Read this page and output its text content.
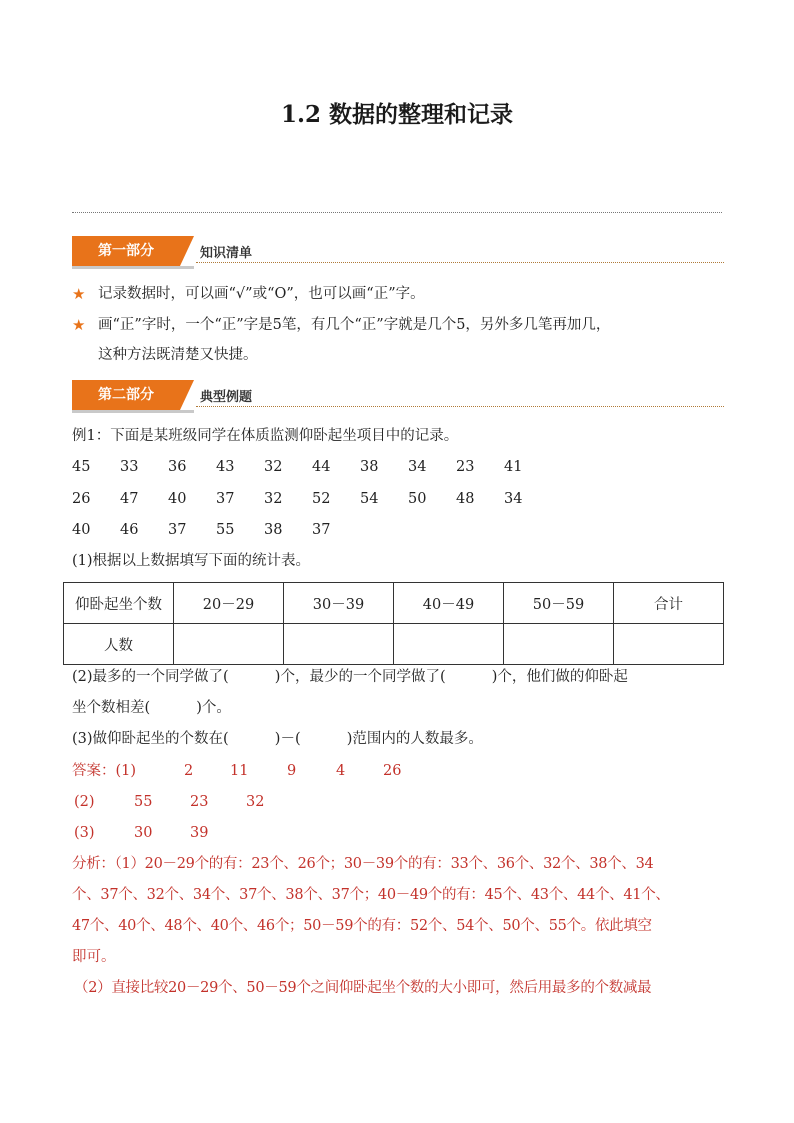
1.2 数据的整理和记录
第一部分	知识清单
★ 记录数据时，可以画“√”或“O”，也可以画“正”字。
★ 画“正”字时，一个“正”字是5笔，有几个“正”字就是几个5，另外多几笔再加几，
这种方法既清楚又快捷。
第二部分	典型例题
例1：下面是某班级同学在体质监测仰卧起坐项目中的记录。
45 33 36 43 32 44 38 34 23 41
26 47 40 37 32 52 54 50 48 34
40 46 37 55 38 37
(1)根据以上数据填写下面的统计表。
仰卧起坐个数	20－29	30－39	40－49	50－59	合计
人数					
(2)最多的一个同学做了(          )个，最少的一个同学做了(          )个，他们做的仰卧起
坐个数相差(          )个。
(3)做仰卧起坐的个数在(          )－(          )范围内的人数最多。
答案：(1)	2	11	9	4	26
(2)	55	23	32
(3)	30	39
分析：（1）20－29个的有：23个、26个；30－39个的有：33个、36个、32个、38个、34
个、37个、32个、34个、37个、38个、37个；40－49个的有：45个、43个、44个、41个、
47个、40个、48个、40个、46个；50－59个的有：52个、54个、50个、55个。依此填空
即可。
（2）直接比较20－29个、50－59个之间仰卧起坐个数的大小即可，然后用最多的个数减最
